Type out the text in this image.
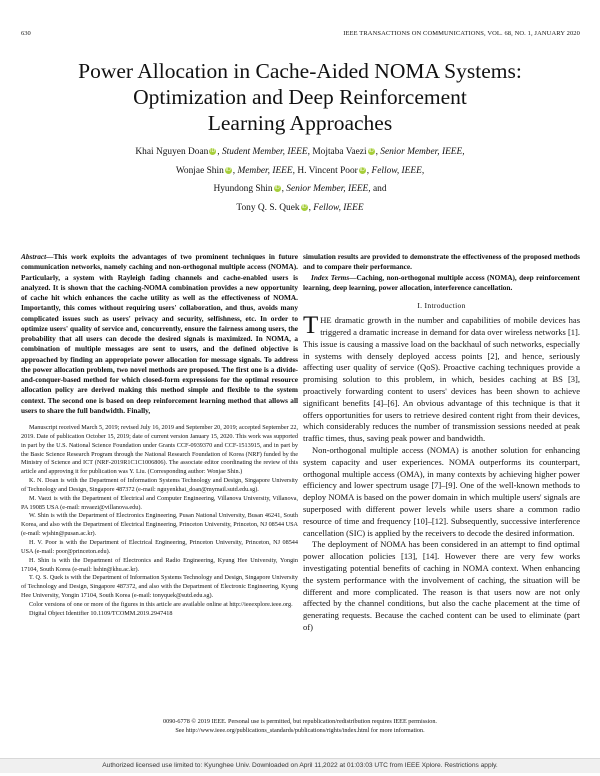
630	IEEE TRANSACTIONS ON COMMUNICATIONS, VOL. 68, NO. 1, JANUARY 2020
Power Allocation in Cache-Aided NOMA Systems:
Optimization and Deep Reinforcement
Learning Approaches
Khai Nguyen Doan iD , Student Member, IEEE, Mojtaba Vaezi iD , Senior Member, IEEE,
Wonjae Shin iD , Member, IEEE, H. Vincent Poor iD , Fellow, IEEE,
Hyundong Shin iD , Senior Member, IEEE, and
Tony Q. S. Quek iD , Fellow, IEEE

Abstract—This work exploits the advantages of two prominent techniques in future communication networks, namely caching and non-orthogonal multiple access (NOMA). Particularly, a system with Rayleigh fading channels and cache-enabled users is analyzed. It is shown that the caching-NOMA combination provides a new opportunity of cache hit which enhances the cache utility as well as the effectiveness of NOMA. Importantly, this comes without requiring users' collaboration, and thus, avoids many complicated issues such as users' privacy and security, selfishness, etc. In order to optimize users' quality of service and, concurrently, ensure the fairness among users, the probability that all users can decode the desired signals is maximized. In NOMA, a combination of multiple messages are sent to users, and the defined objective is approached by finding an appropriate power allocation for message signals. To address the power allocation problem, two novel methods are proposed. The first one is a divide-and-conquer-based method for which closed-form expressions for the optimal resource allocation policy are derived making this method simple and flexible to the system context. The second one is based on deep reinforcement learning method that allows all users to share the full bandwidth. Finally,

Manuscript received March 5, 2019; revised July 16, 2019 and September 20, 2019; accepted September 22, 2019. Date of publication October 15, 2019; date of current version January 15, 2020. This work was supported in part by the U.S. National Science Foundation under Grants CCF-0939370 and CCF-1513915, and in part by the Basic Science Research Program through the National Research Foundation of Korea (NRF) funded by the Ministry of Science and ICT (NRF-2019R1C1C1006806). The associate editor coordinating the review of this article and approving it for publication was Y. Liu. (Corresponding author: Wonjae Shin.)

K. N. Doan is with the Department of Information Systems Technology and Design, Singapore University of Technology and Design, Singapore 487372 (e-mail: nguyenkhai_doan@mymail.sutd.edu.sg).

M. Vaezi is with the Department of Electrical and Computer Engineering, Villanova University, Villanova, PA 19085 USA (e-mail: mvaezi@villanova.edu).

W. Shin is with the Department of Electronics Engineering, Pusan National University, Busan 46241, South Korea, and also with the Department of Electrical Engineering, Princeton University, Princeton, NJ 08544 USA (e-mail: wjshin@pusan.ac.kr).

H. V. Poor is with the Department of Electrical Engineering, Princeton University, Princeton, NJ 08544 USA (e-mail: poor@princeton.edu).

H. Shin is with the Department of Electronics and Radio Engineering, Kyung Hee University, Yongin 17104, South Korea (e-mail: hshin@khu.ac.kr).

T. Q. S. Quek is with the Department of Information Systems Technology and Design, Singapore University of Technology and Design, Singapore 487372, and also with the Department of Electronic Engineering, Kyung Hee University, Yongin 17104, South Korea (e-mail: tonyquek@sutd.edu.sg).

Color versions of one or more of the figures in this article are available online at http://ieeexplore.ieee.org.

Digital Object Identifier 10.1109/TCOMM.2019.2947418

simulation results are provided to demonstrate the effectiveness of the proposed methods and to compare their performance.

Index Terms—Caching, non-orthogonal multiple access (NOMA), deep reinforcement learning, deep learning, power allocation, interference cancellation.

I. Introduction

THE dramatic growth in the number and capabilities of mobile devices has triggered a dramatic increase in demand for data over wireless networks [1]. This issue is causing a massive load on the backhaul of such networks, especially in systems with densely deployed access points [2], and hence, seriously affecting user quality of service (QoS). Proactive caching techniques provide a promising solution to this problem, in which, besides caching at BS [3], proactively forwarding content to users' devices has been shown to achieve significant benefits [4]–[6]. An obvious advantage of this technique is that it offers opportunities for users to retrieve desired content right from their devices, which considerably reduces the number of transmission sessions needed at peak traffic times, thus, saving peak power and bandwidth.

Non-orthogonal multiple access (NOMA) is another solution for enhancing system capacity and user experiences. NOMA outperforms its counterpart, orthogonal multiple access (OMA), in many contexts by achieving higher power efficiency and lower spectrum usage [7]–[9]. One of the well-known methods to deploy NOMA is based on the power domain in which multiple users' signals are superposed with different power levels while users share a common radio resource of time and frequency [10]–[12]. Subsequently, successive interference cancellation (SIC) is applied by the receivers to decode the desired information.

The deployment of NOMA has been considered in an attempt to find optimal power allocation policies [13], [14]. However there are very few works investigating potential benefits of caching in NOMA context. When enhancing the system performance with the involvement of caching, the situation will be different and more complicated. The reason is that users now are not only affected by the channel conditions, but also the cache placement at the time of generating requests. Because the cached content can be used to eliminate (part of)

0090-6778 © 2019 IEEE. Personal use is permitted, but republication/redistribution requires IEEE permission.
See http://www.ieee.org/publications_standards/publications/rights/index.html for more information.
Authorized licensed use limited to: Kyunghee Univ. Downloaded on April 11,2022 at 01:03:03 UTC from IEEE Xplore. Restrictions apply.
